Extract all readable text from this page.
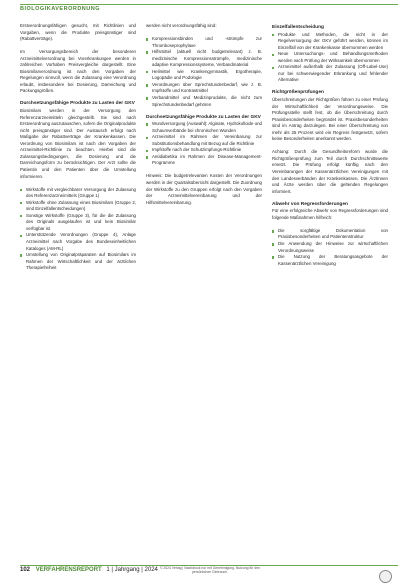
BIOLOGIKAVERORDNUNG

Erstverordnungsfähigen gesucht, mit Richtlinien und Vorgaben, wenn die Produkte preisgünstiger sind (Rabattverträge).

Im Versorgungsbereich der besonderen Arzneimittelverordnung bei Vorerkrankungen werden in zahlreichen Vorhaben Preisvergleiche dargestellt. Eine Biosimilarverordnung ist nach den Vorgaben der Regelungen sinnvoll, wenn die Zulassung eine Verordnung erlaubt, insbesondere bei Dosierung, Darreichung und Packungsgrößen.

Durchsetzungsfähige Produkte zu Lasten der GKV

Biosimilars werden in der Versorgung den Referenzarzneimitteln gleichgestellt. Sie sind nach Erstverordnung auszutauschen, sofern die Originalprodukte nicht preisgünstiger sind. Der Austausch erfolgt nach Maßgabe der Rabattverträge der Krankenkassen. Die Verordnung von Biosimilars ist nach den Vorgaben der Arzneimittel-Richtlinie zu beachten. Hierbei sind die Zulassungsbedingungen, die Dosierung und die Darreichungsform zu berücksichtigen. Der Arzt sollte die Patientin und den Patienten über die Umstellung informieren.

Wirkstoffe mit vergleichbarer Versorgung der Zulassung des Referenzarzneimittels (Gruppe 1)
Wirkstoffe ohne Zulassung eines Biosimilars (Gruppe 2, sind Einzelfallentscheidungen)
Sonstige Wirkstoffe (Gruppe 3), für die die Zulassung des Originals ausgelaufen ist und kein Biosimilar verfügbar ist
Unterstützende Verordnungen (Gruppe 4), Anlage Arzneimittel nach Vorgabe des Bundeseinheitlichen Kataloges (AM-RL)
Umstellung von Originalpräparaten auf Biosimilars im Rahmen der Wirtschaftlichkeit und der ärztlichen Therapiefreiheit

werden nicht verordnungsfähig sind:

Kompressionsbinden und -strümpfe zur Thromboseprophylaxe
Hilfsmittel (aktuell nicht budgetrelevant) z. B. medizinische Kompressionsstrümpfe, medizinische adaptive Kompressionssysteme, Verbandmaterial
Heilmittel wie Krankengymnastik, Ergotherapie, Logopädie und Podologie
Verordnungen über Sprechstundenbedarf, wie z. B. Impfstoffe und Kontrastmittel
Verbandmittel und Medizinprodukte, die nicht zum Sprechstundenbedarf gehören
Durchsetzungsfähige Produkte zu Lasten der GKV
Wundversorgung (Auswahl): Alginate, Hydrokolloide und Schaumverbände bei chronischen Wunden
Arzneimittel im Rahmen der Vereinbarung zur Substitutionsbehandlung mit Bezug auf die Richtlinie
Impfstoffe nach der Schutzimpfungs-Richtlinie
Antidiabetika im Rahmen der Disease-Management-Programme

Hinweis: Die budgetrelevanten Kosten der Verordnungen werden in der Quartalsübersicht dargestellt. Die Zuordnung der Wirkstoffe zu den Gruppen erfolgt nach den Vorgaben der Arzneimittelvereinbarung und der Hilfsmittelvereinbarung.

Einzelfallentscheidung
Produkte und Methoden, die nicht in der Regelversorgung der GKV geführt werden, können im Einzelfall von der Krankenkasse übernommen werden
Neue Untersuchungs- und Behandlungsmethoden werden nach Prüfung der Wirksamkeit übernommen
Arzneimittel außerhalb der Zulassung (Off-Label-Use) nur bei schwerwiegender Erkrankung und fehlender Alternative
Richtgrößenprüfungen

Überschreitungen der Richtgrößen führen zu einer Prüfung der Wirtschaftlichkeit der Verordnungsweise. Die Prüfungsstelle stellt fest, ob die Überschreitung durch Praxisbesonderheiten begründet ist. Praxisbesonderheiten sind im Antrag darzulegen. Bei einer Überschreitung von mehr als 25 Prozent wird ein Regress festgesetzt, sofern keine Besonderheiten anerkannt werden.

Achtung: Durch die Gesundheitsreform wurde die Richtgrößenprüfung zum Teil durch Durchschnittswerte ersetzt. Die Prüfung erfolgt künftig nach den Vereinbarungen der Kassenärztlichen Vereinigungen mit den Landesverbänden der Krankenkassen. Die Ärztinnen und Ärzte werden über die geltenden Regelungen informiert.

Abwehr von Regressforderungen

Für eine erfolgreiche Abwehr von Regressforderungen sind folgende Maßnahmen hilfreich:

Die sorgfältige Dokumentation von Praxisbesonderheiten und Patientenstruktur
Die Anwendung der Hinweise zur wirtschaftlichen Verordnungsweise
Die Nutzung der Beratungsangebote der Kassenärztlichen Vereinigung
102 VERFAHRENSREPORT 1 | Jahrgang | 2024 © 2024 Verlag | Nachdruck nur mit Genehmigung. Nutzung für den persönlichen Gebrauch.
